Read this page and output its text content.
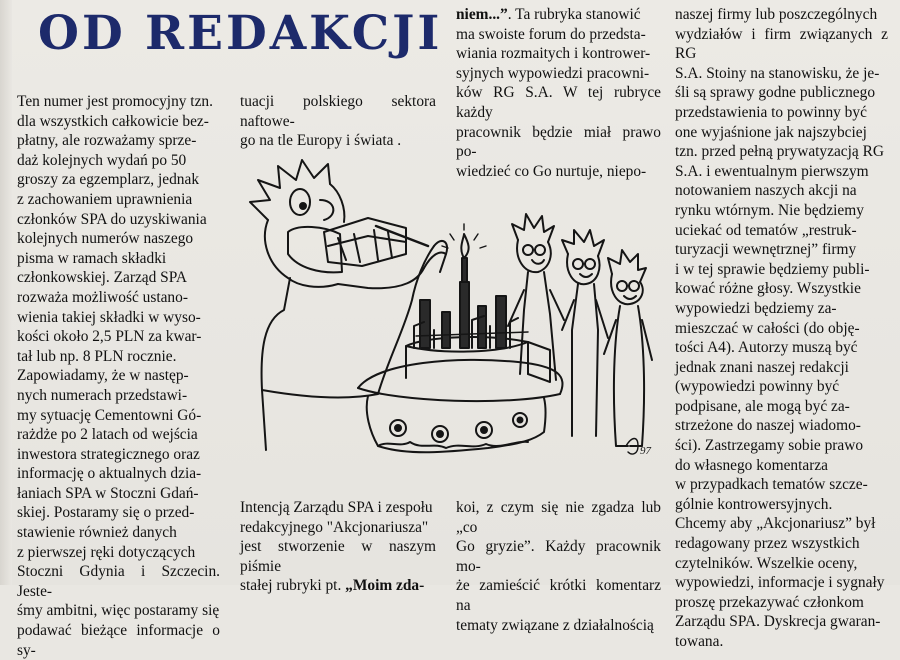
OD REDAKCJI
Ten numer jest promocyjny tzn.
dla wszystkich całkowicie bez-
płatny, ale rozważamy sprze-
daż kolejnych wydań po 50
groszy za egzemplarz, jednak
z zachowaniem uprawnienia
członków SPA do uzyskiwania
kolejnych numerów naszego
pisma w ramach składki
członkowskiej. Zarząd SPA
rozważa możliwość ustano-
wienia takiej składki w wyso-
kości około 2,5 PLN za kwar-
tał lub np. 8 PLN rocznie.
Zapowiadamy, że w następ-
nych numerach przedstawi-
my sytuację Cementowni Gó-
rażdże po 2 latach od wejścia
inwestora strategicznego oraz
informację o aktualnych dzia-
łaniach SPA w Stoczni Gdań-
skiej. Postaramy się o przed-
stawienie również danych
z pierwszej ręki dotyczących
Stoczni Gdynia i Szczecin. Jeste-
śmy ambitni, więc postaramy się
podawać bieżące informacje o sy-
tuacji polskiego sektora naftowe-
go na tle Europy i świata .
Intencją Zarządu SPA i zespołu
redakcyjnego "Akcjonariusza"
jest stworzenie w naszym piśmie
stałej rubryki pt. „Moim zda-
niem...”. Ta rubryka stanowić
ma swoiste forum do przedsta-
wiania rozmaitych i kontrower-
syjnych wypowiedzi pracowni-
ków RG S.A. W tej rubryce każdy
pracownik będzie miał prawo po-
wiedzieć co Go nurtuje, niepo-
koi, z czym się nie zgadza lub „co
Go gryzie”. Każdy pracownik mo-
że zamieścić krótki komentarz na
tematy związane z działalnością
naszej firmy lub poszczególnych
wydziałów i firm związanych z RG
S.A. Stoiny na stanowisku, że je-
śli są sprawy godne publicznego
przedstawienia to powinny być
one wyjaśnione jak najszybciej
tzn. przed pełną prywatyzacją RG
S.A. i ewentualnym pierwszym
notowaniem naszych akcji na
rynku wtórnym. Nie będziemy
uciekać od tematów „restruk-
turyzacji wewnętrznej” firmy
i w tej sprawie będziemy publi-
kować różne głosy. Wszystkie
wypowiedzi będziemy za-
mieszczać w całości (do obję-
tości A4). Autorzy muszą być
jednak znani naszej redakcji
(wypowiedzi powinny być
podpisane, ale mogą być za-
strzeżone do naszej wiadomo-
ści). Zastrzegamy sobie prawo
do własnego komentarza
w przypadkach tematów szcze-
gólnie kontrowersyjnych.
Chcemy aby „Akcjonariusz” był
redagowany przez wszystkich
czytelników. Wszelkie oceny,
wypowiedzi, informacje i sygnały
proszę przekazywać członkom
Zarządu SPA. Dyskrecja gwaran-
towana.
97
